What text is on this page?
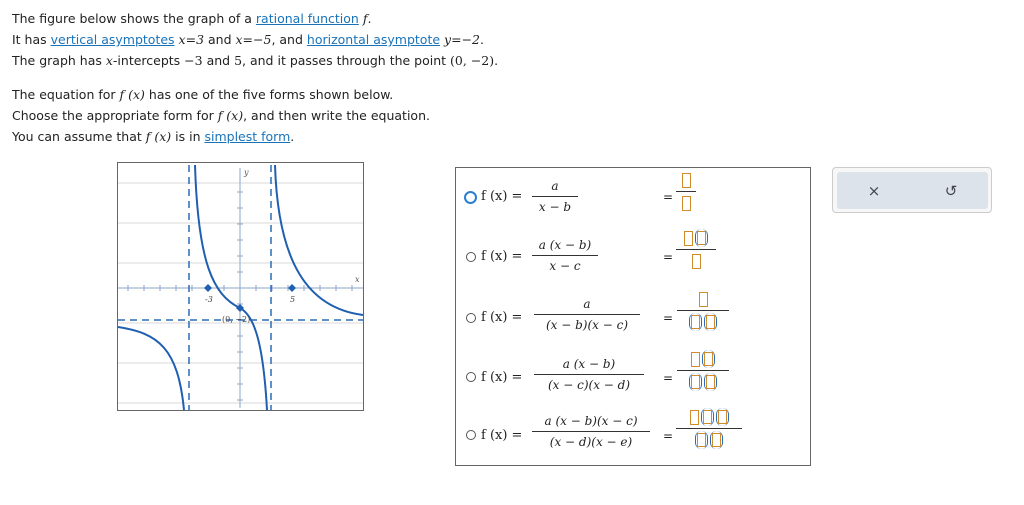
The figure below shows the graph of a rational function f.
It has vertical asymptotes x=3 and x=−5, and horizontal asymptote y=−2.
The graph has x-intercepts −3 and 5, and it passes through the point (0, −2).
The equation for f (x) has one of the five forms shown below.
Choose the appropriate form for f (x), and then write the equation.
You can assume that f (x) is in simplest form.
y
x
-3	5
(0, −2)
f (x) =
a
x − b
=
f (x) =
a (x − b)
x − c
=
f (x) =
a
(x − b)(x − c)	=
f (x) =
a (x − b)
(x − c)(x − d)	=
f (x) =
a (x − b)(x − c)
(x − d)(x − e)	=
×	↺
